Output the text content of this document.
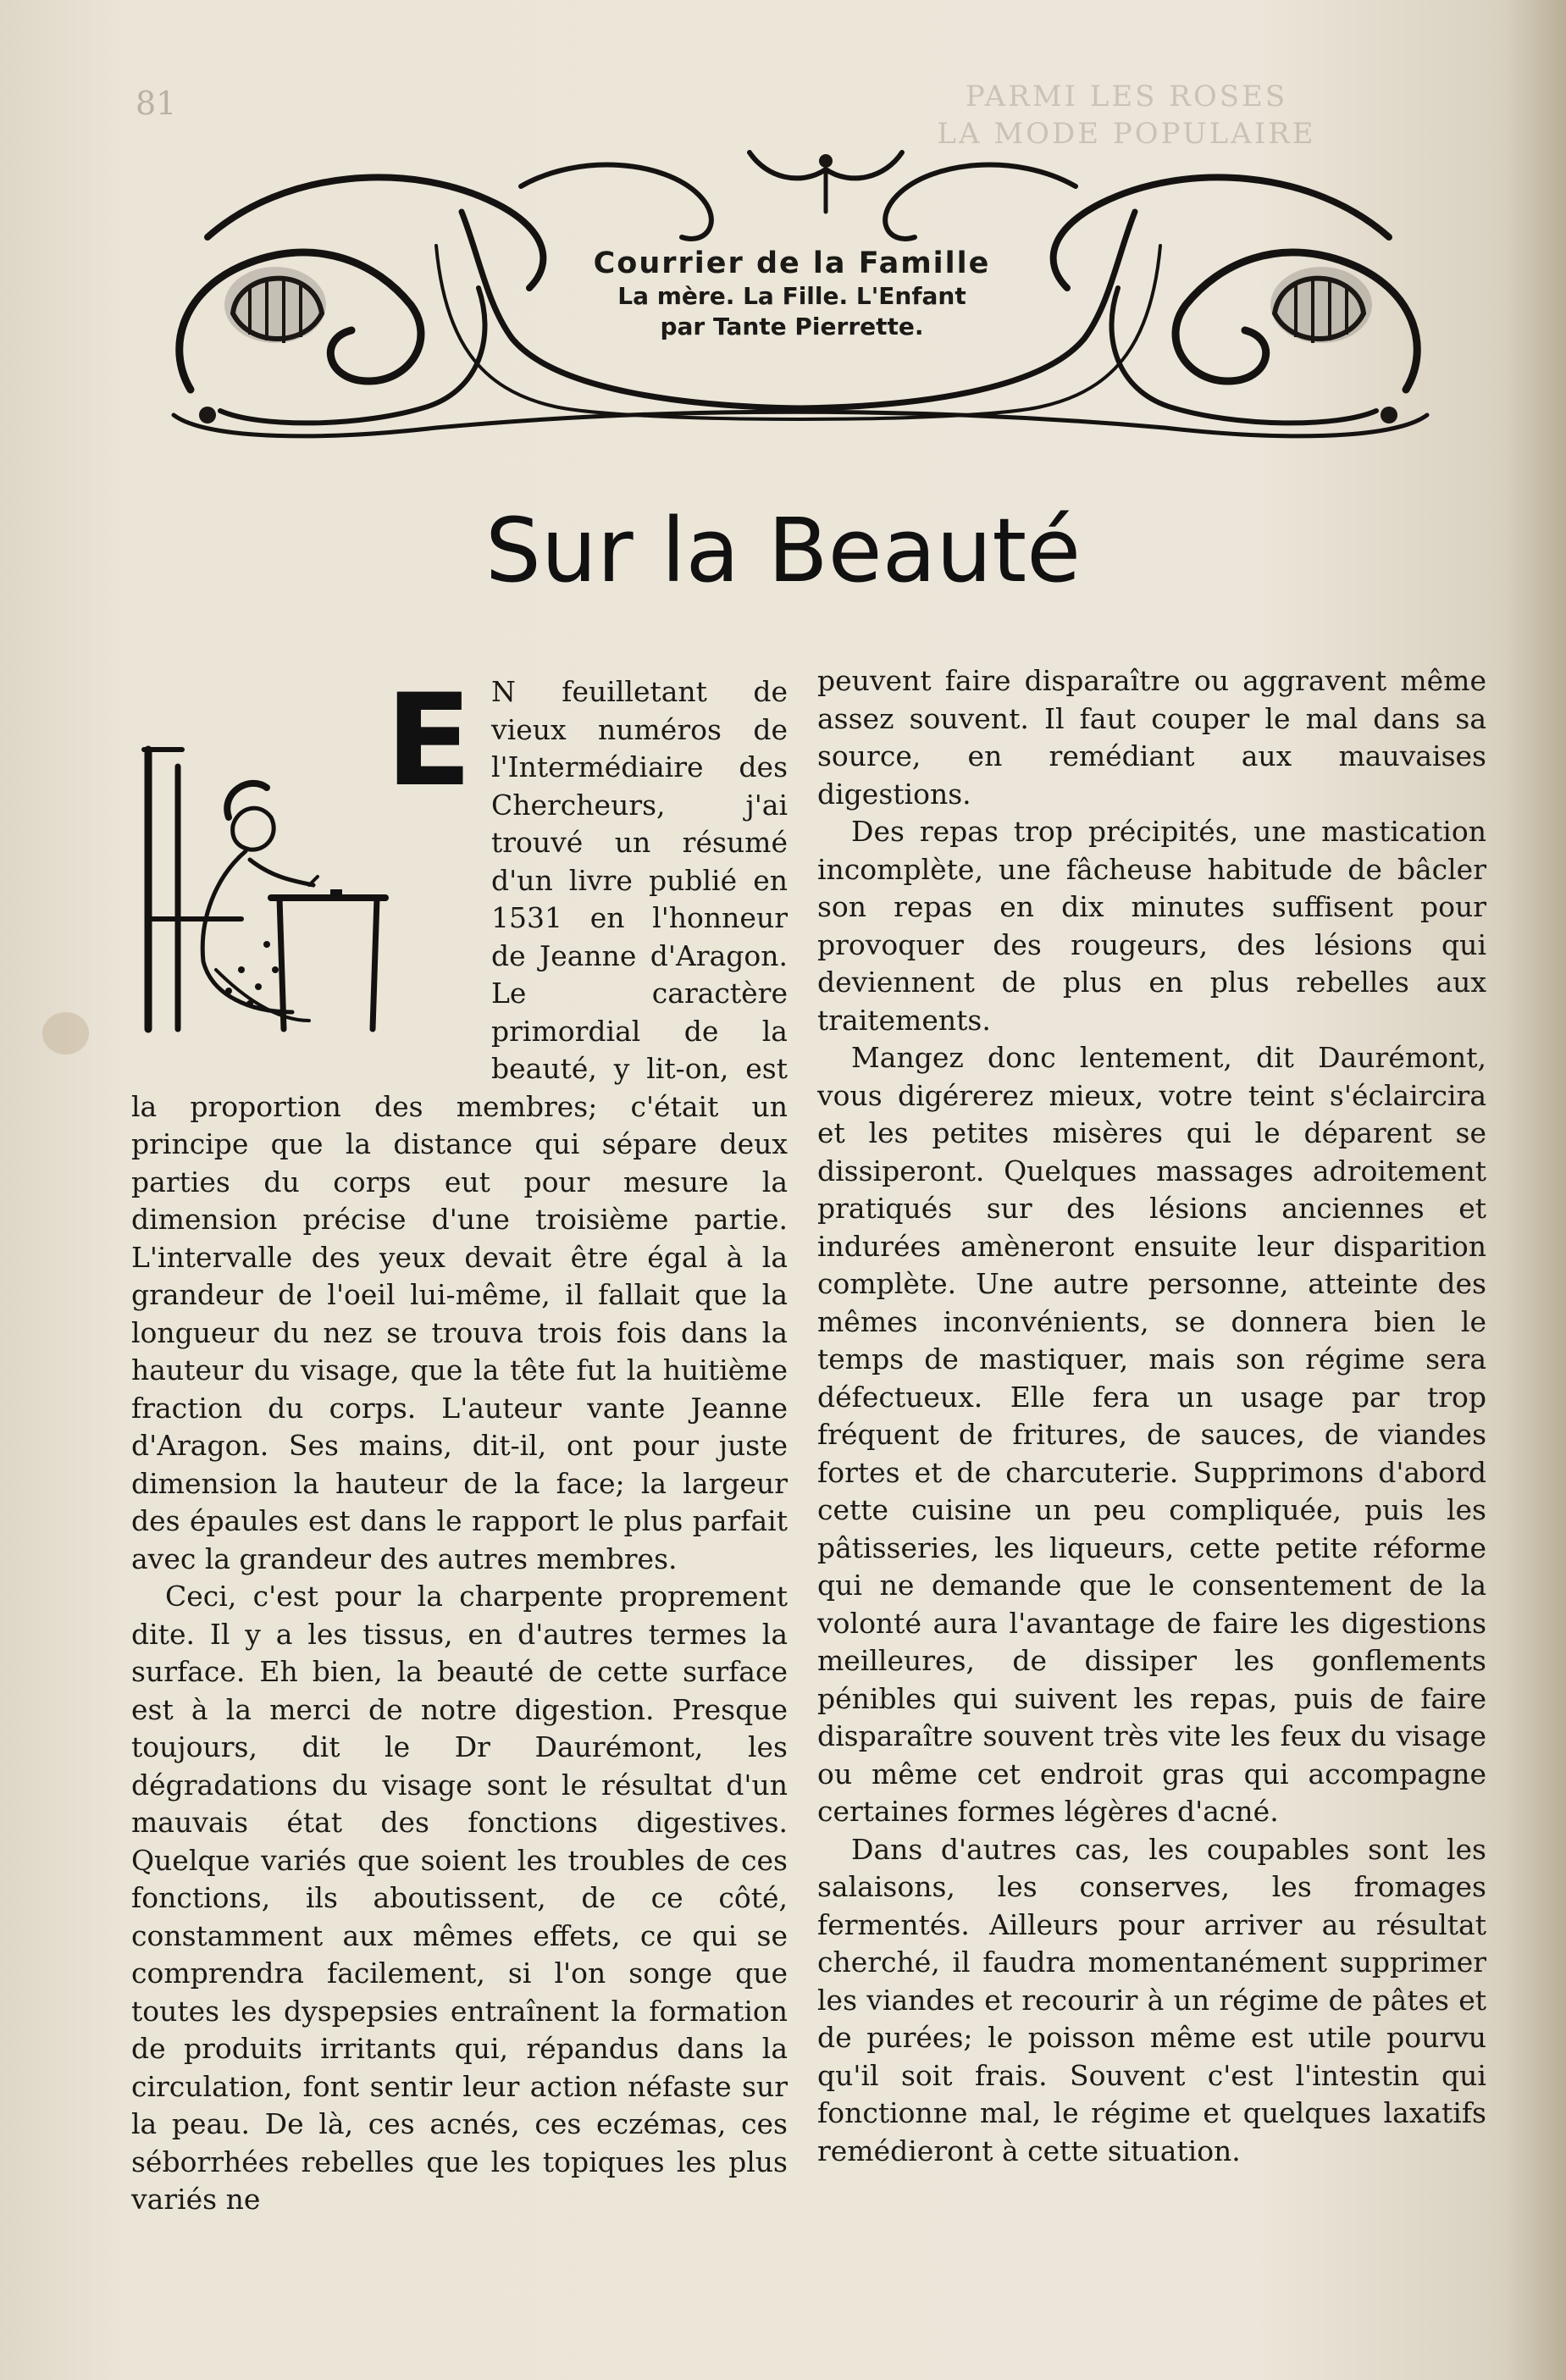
81	PARMI LES ROSES
LA MODE POPULAIRE
Courrier de la Famille
La mère. La Fille. L'Enfant
par Tante Pierrette.
Sur la Beauté
E N feuilletant de vieux numéros de l'Intermédiaire des Chercheurs, j'ai trouvé un résumé d'un livre publié en 1531 en l'honneur de Jeanne d'Aragon. Le caractère primordial de la beauté, y lit-on, est la proportion des membres; c'était un principe que la distance qui sépare deux parties du corps eut pour mesure la dimension précise d'une troisième partie. L'intervalle des yeux devait être égal à la grandeur de l'oeil lui-même, il fallait que la longueur du nez se trouva trois fois dans la hauteur du visage, que la tête fut la huitième fraction du corps. L'auteur vante Jeanne d'Aragon. Ses mains, dit-il, ont pour juste dimension la hauteur de la face; la largeur des épaules est dans le rapport le plus parfait avec la grandeur des autres membres.

Ceci, c'est pour la charpente proprement dite. Il y a les tissus, en d'autres termes la surface. Eh bien, la beauté de cette surface est à la merci de notre digestion. Presque toujours, dit le Dr Daurémont, les dégradations du visage sont le résultat d'un mauvais état des fonctions digestives. Quelque variés que soient les troubles de ces fonctions, ils aboutissent, de ce côté, constamment aux mêmes effets, ce qui se comprendra facilement, si l'on songe que toutes les dyspepsies entraînent la formation de produits irritants qui, répandus dans la circulation, font sentir leur action néfaste sur la peau. De là, ces acnés, ces eczémas, ces séborrhées rebelles que les topiques les plus variés ne

peuvent faire disparaître ou aggravent même assez souvent. Il faut couper le mal dans sa source, en remédiant aux mauvaises digestions.

Des repas trop précipités, une mastication incomplète, une fâcheuse habitude de bâcler son repas en dix minutes suffisent pour provoquer des rougeurs, des lésions qui deviennent de plus en plus rebelles aux traitements.

Mangez donc lentement, dit Daurémont, vous digérerez mieux, votre teint s'éclaircira et les petites misères qui le déparent se dissiperont. Quelques massages adroitement pratiqués sur des lésions anciennes et indurées amèneront ensuite leur disparition complète. Une autre personne, atteinte des mêmes inconvénients, se donnera bien le temps de mastiquer, mais son régime sera défectueux. Elle fera un usage par trop fréquent de fritures, de sauces, de viandes fortes et de charcuterie. Supprimons d'abord cette cuisine un peu compliquée, puis les pâtisseries, les liqueurs, cette petite réforme qui ne demande que le consentement de la volonté aura l'avantage de faire les digestions meilleures, de dissiper les gonflements pénibles qui suivent les repas, puis de faire disparaître souvent très vite les feux du visage ou même cet endroit gras qui accompagne certaines formes légères d'acné.

Dans d'autres cas, les coupables sont les salaisons, les conserves, les fromages fermentés. Ailleurs pour arriver au résultat cherché, il faudra momentanément supprimer les viandes et recourir à un régime de pâtes et de purées; le poisson même est utile pourvu qu'il soit frais. Souvent c'est l'intestin qui fonctionne mal, le régime et quelques laxatifs remédieront à cette situation.
